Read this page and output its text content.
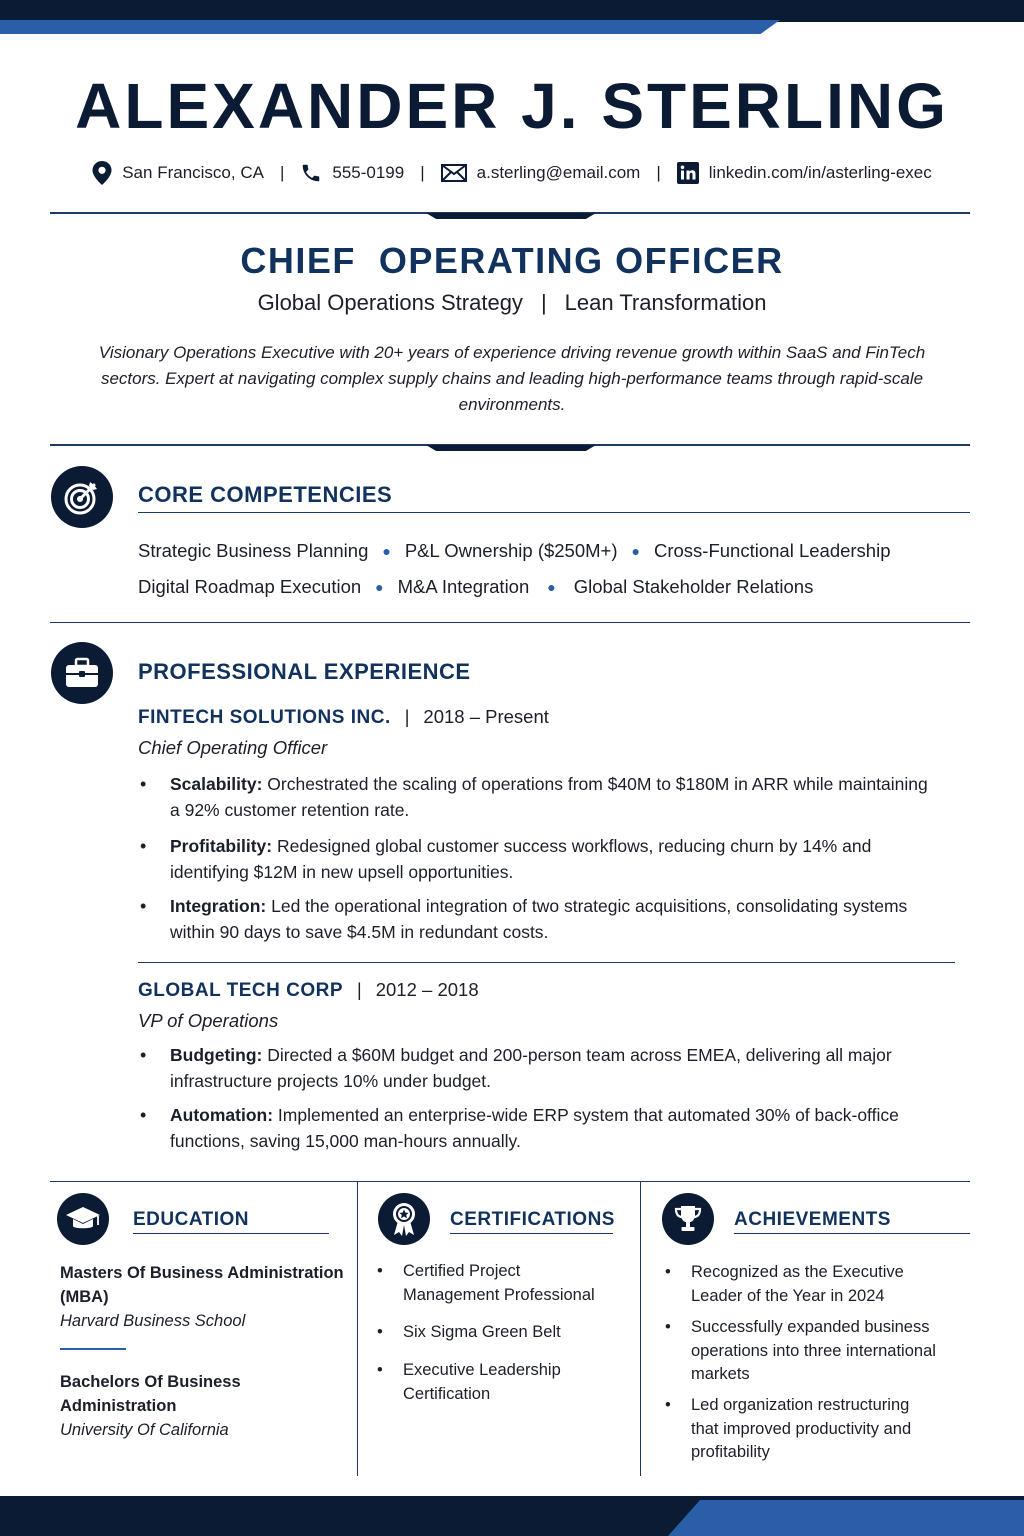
ALEXANDER J. STERLING
San Francisco, CA |	555-0199 |	a.sterling@email.com |	linkedin.com/in/asterling-exec
CHIEF  OPERATING OFFICER
Global Operations Strategy | Lean Transformation
Visionary Operations Executive with 20+ years of experience driving revenue growth within SaaS and FinTech sectors. Expert at navigating complex supply chains and leading high-performance teams through rapid-scale environments.
CORE COMPETENCIES
Strategic Business Planning ● P&L Ownership ($250M+) ● Cross-Functional Leadership
Digital Roadmap Execution ● M&A Integration ● Global Stakeholder Relations
PROFESSIONAL EXPERIENCE
FINTECH SOLUTIONS INC. | 2018 – Present
Chief Operating Officer
• Scalability: Orchestrated the scaling of operations from $40M to $180M in ARR while maintaining a 92% customer retention rate.
• Profitability: Redesigned global customer success workflows, reducing churn by 14% and identifying $12M in new upsell opportunities.
• Integration: Led the operational integration of two strategic acquisitions, consolidating systems within 90 days to save $4.5M in redundant costs.
GLOBAL TECH CORP | 2012 – 2018
VP of Operations
• Budgeting: Directed a $60M budget and 200-person team across EMEA, delivering all major infrastructure projects 10% under budget.
• Automation: Implemented an enterprise-wide ERP system that automated 30% of back-office functions, saving 15,000 man-hours annually.
EDUCATION
Masters Of Business Administration (MBA)
Harvard Business School
Bachelors Of Business Administration
University Of California
CERTIFICATIONS
• Certified Project Management Professional
• Six Sigma Green Belt
• Executive Leadership Certification
ACHIEVEMENTS
• Recognized as the Executive Leader of the Year in 2024
• Successfully expanded business operations into three international markets
• Led organization restructuring that improved productivity and profitability
